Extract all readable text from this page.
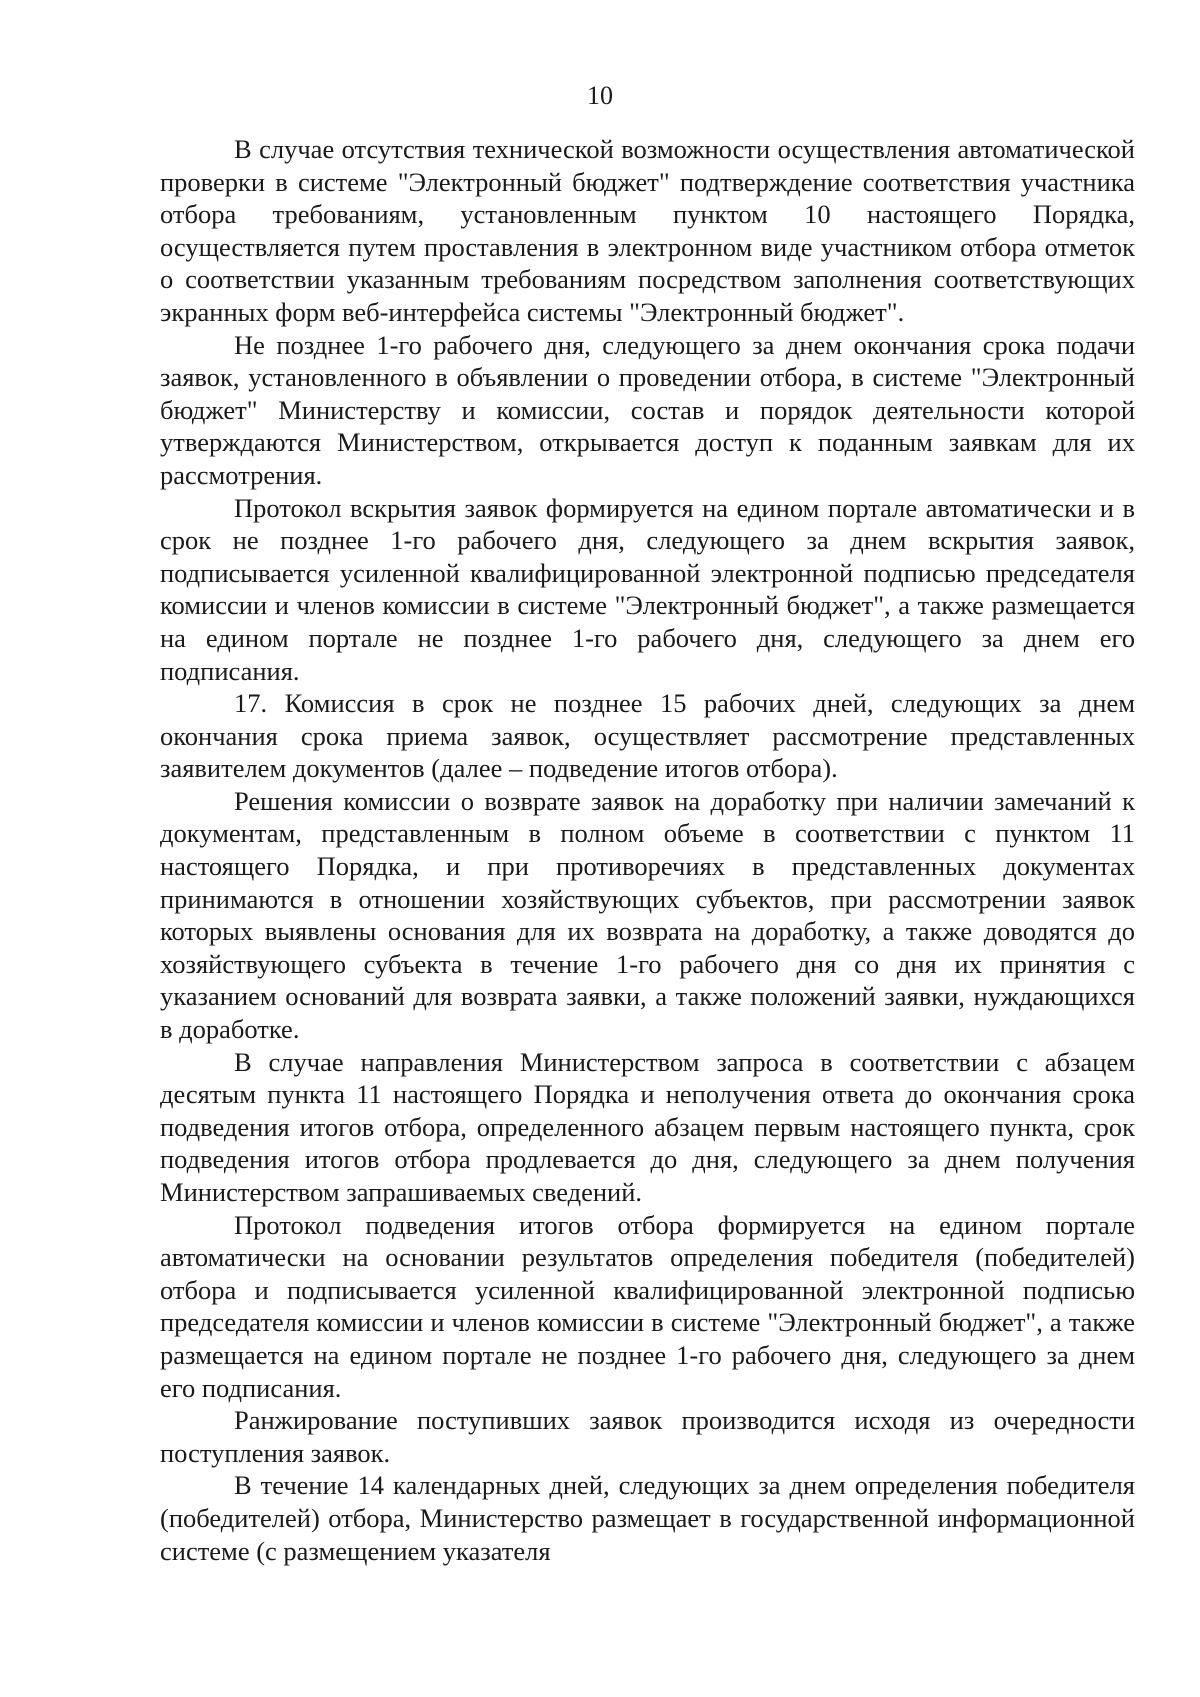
10

В случае отсутствия технической возможности осуществления автоматической проверки в системе "Электронный бюджет" подтверждение соответствия участника отбора требованиям, установленным пунктом 10 настоящего Порядка, осуществляется путем проставления в электронном виде участником отбора отметок о соответствии указанным требованиям посредством заполнения соответствующих экранных форм веб-интерфейса системы "Электронный бюджет".

Не позднее 1-го рабочего дня, следующего за днем окончания срока подачи заявок, установленного в объявлении о проведении отбора, в системе "Электронный бюджет" Министерству и комиссии, состав и порядок деятельности которой утверждаются Министерством, открывается доступ к поданным заявкам для их рассмотрения.

Протокол вскрытия заявок формируется на едином портале автоматически и в срок не позднее 1-го рабочего дня, следующего за днем вскрытия заявок, подписывается усиленной квалифицированной электронной подписью председателя комиссии и членов комиссии в системе "Электронный бюджет", а также размещается на едином портале не позднее 1-го рабочего дня, следующего за днем его подписания.

17. Комиссия в срок не позднее 15 рабочих дней, следующих за днем окончания срока приема заявок, осуществляет рассмотрение представленных заявителем документов (далее – подведение итогов отбора).

Решения комиссии о возврате заявок на доработку при наличии замечаний к документам, представленным в полном объеме в соответствии с пунктом 11 настоящего Порядка, и при противоречиях в представленных документах принимаются в отношении хозяйствующих субъектов, при рассмотрении заявок которых выявлены основания для их возврата на доработку, а также доводятся до хозяйствующего субъекта в течение 1-го рабочего дня со дня их принятия с указанием оснований для возврата заявки, а также положений заявки, нуждающихся в доработке.

В случае направления Министерством запроса в соответствии с абзацем десятым пункта 11 настоящего Порядка и неполучения ответа до окончания срока подведения итогов отбора, определенного абзацем первым настоящего пункта, срок подведения итогов отбора продлевается до дня, следующего за днем получения Министерством запрашиваемых сведений.

Протокол подведения итогов отбора формируется на едином портале автоматически на основании результатов определения победителя (победителей) отбора и подписывается усиленной квалифицированной электронной подписью председателя комиссии и членов комиссии в системе "Электронный бюджет", а также размещается на едином портале не позднее 1-го рабочего дня, следующего за днем его подписания.

Ранжирование поступивших заявок производится исходя из очередности поступления заявок.

В течение 14 календарных дней, следующих за днем определения победителя (победителей) отбора, Министерство размещает в государственной информационной системе (с размещением указателя
